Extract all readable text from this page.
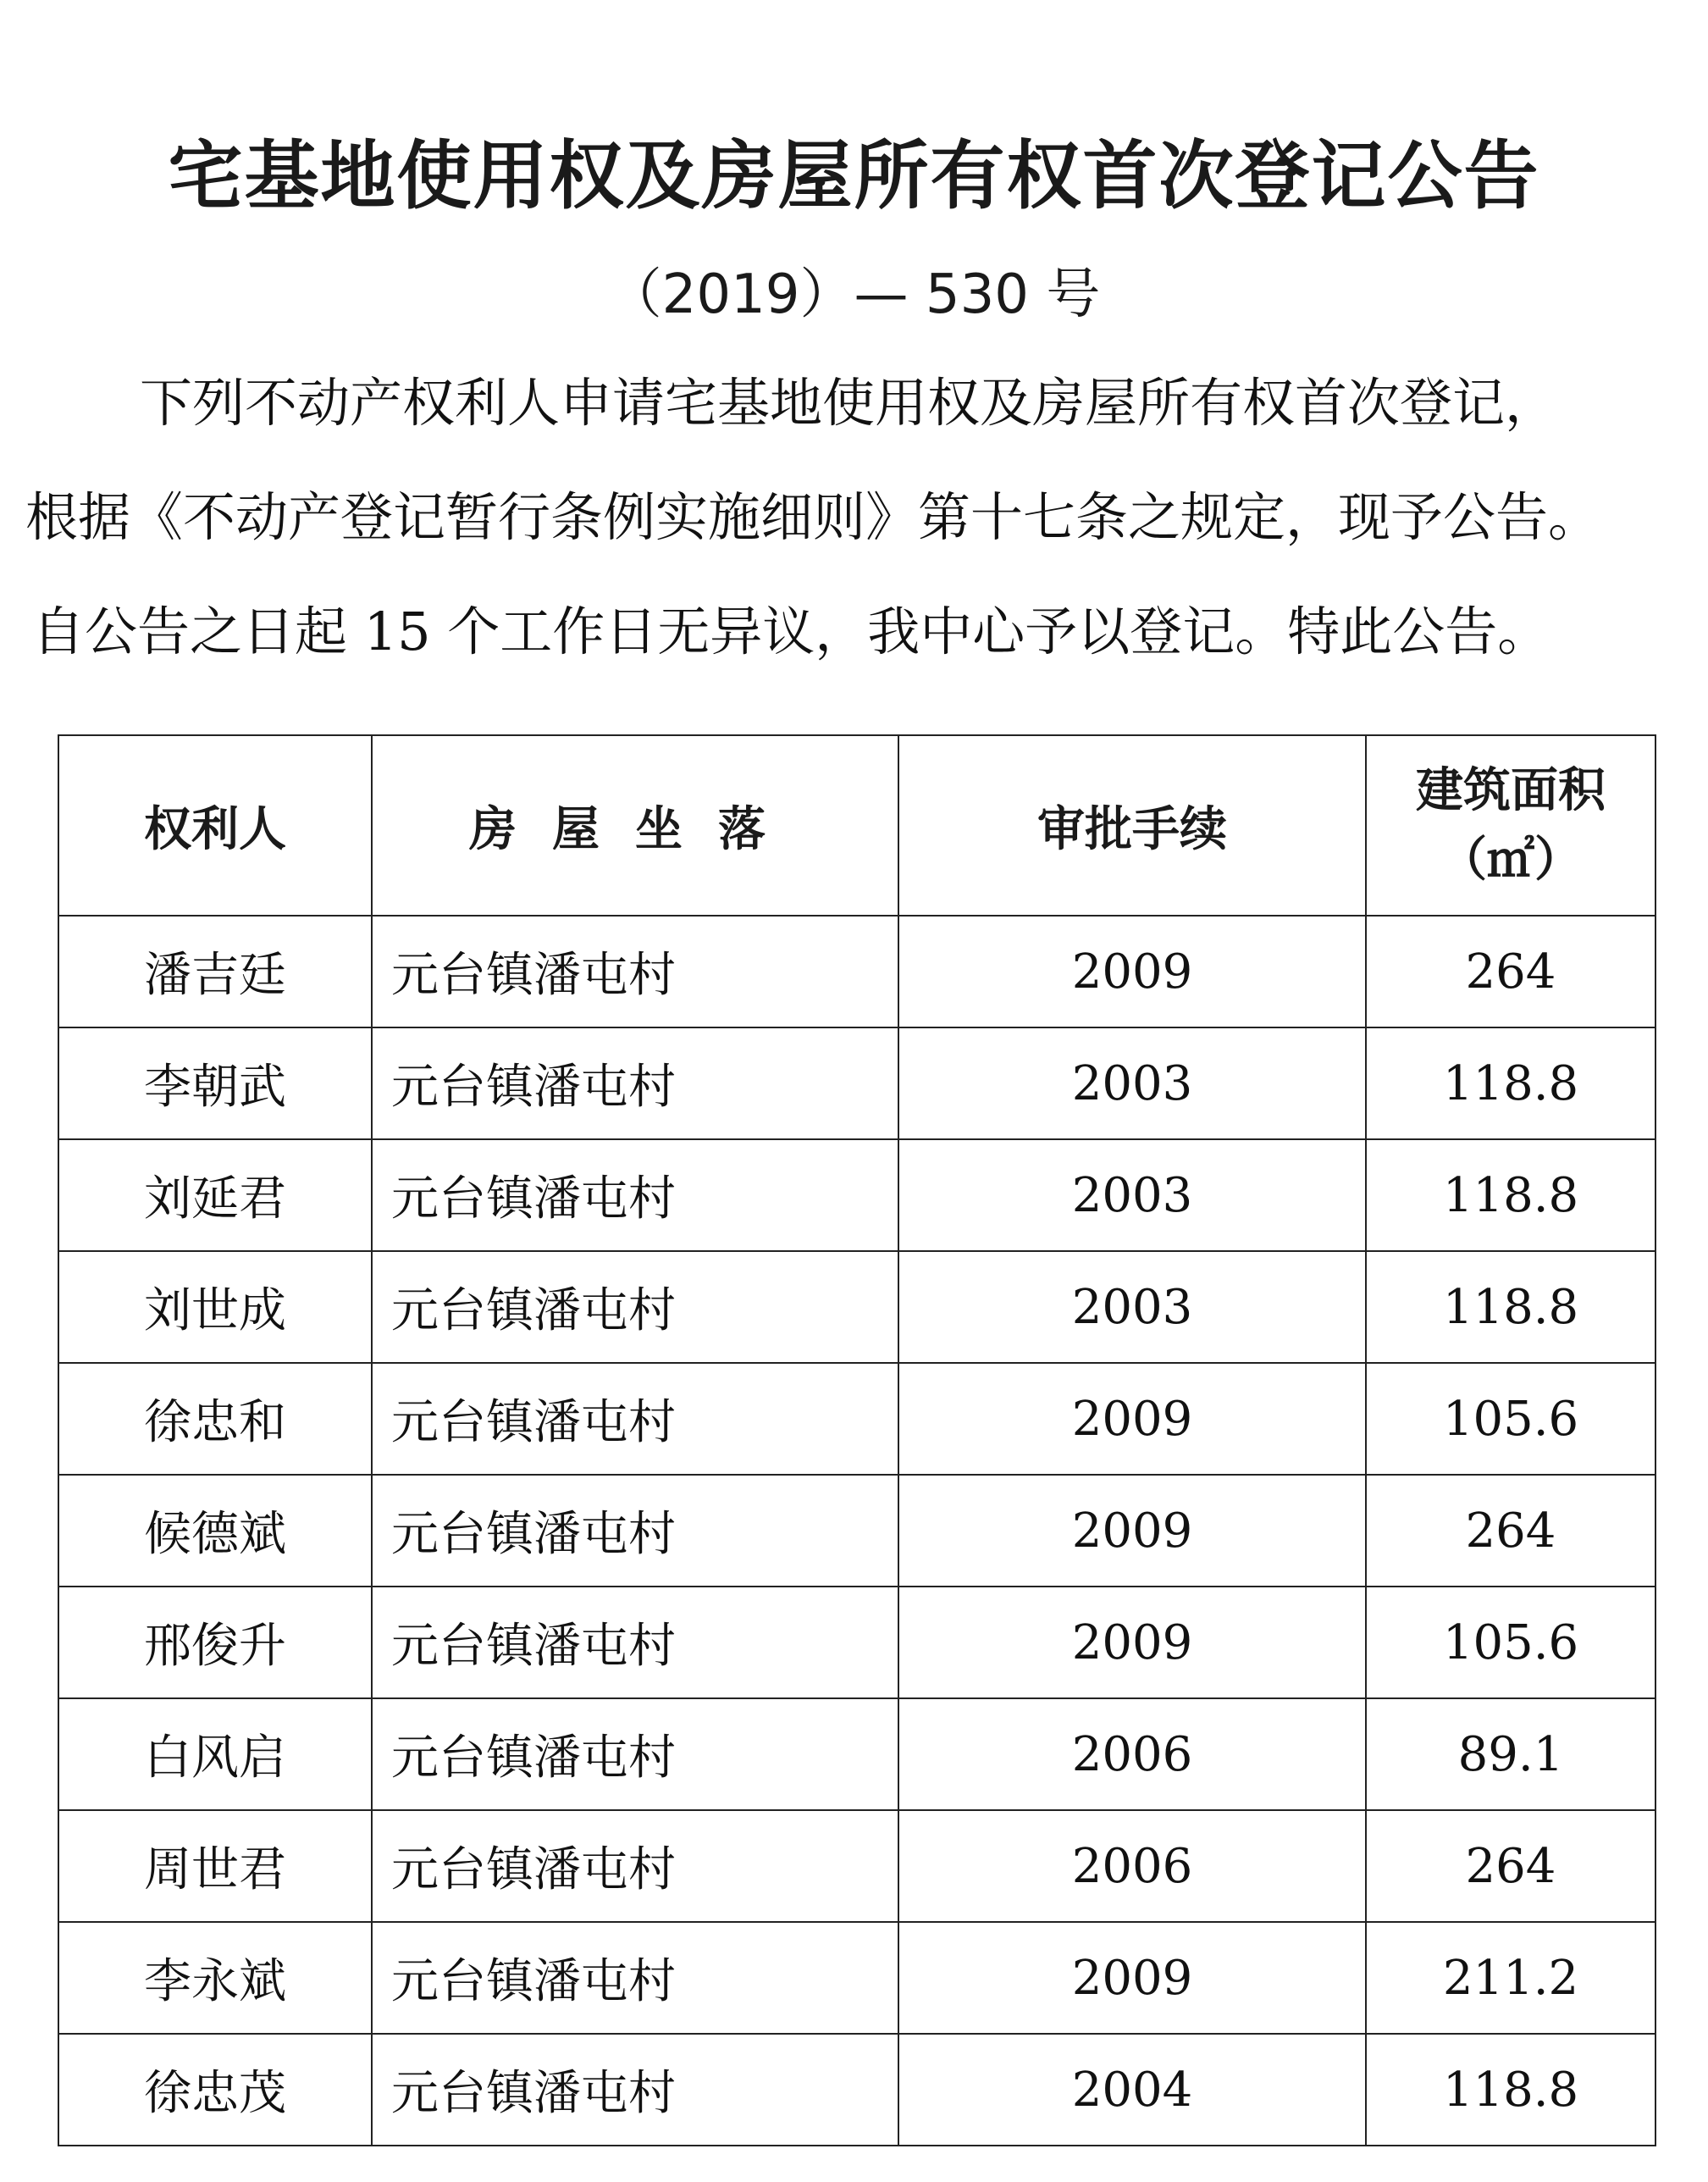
宅基地使用权及房屋所有权首次登记公告
（2019）— 530 号
下列不动产权利人申请宅基地使用权及房屋所有权首次登记，
根据《不动产登记暂行条例实施细则》第十七条之规定，现予公告。
自公告之日起 15 个工作日无异议，我中心予以登记。特此公告。
权利人	房屋坐落	审批手续	建筑面积
（㎡）

潘吉廷	元台镇潘屯村	2009	264
李朝武	元台镇潘屯村	2003	118.8
刘延君	元台镇潘屯村	2003	118.8
刘世成	元台镇潘屯村	2003	118.8
徐忠和	元台镇潘屯村	2009	105.6
候德斌	元台镇潘屯村	2009	264
邢俊升	元台镇潘屯村	2009	105.6
白风启	元台镇潘屯村	2006	89.1
周世君	元台镇潘屯村	2006	264
李永斌	元台镇潘屯村	2009	211.2
徐忠茂	元台镇潘屯村	2004	118.8
